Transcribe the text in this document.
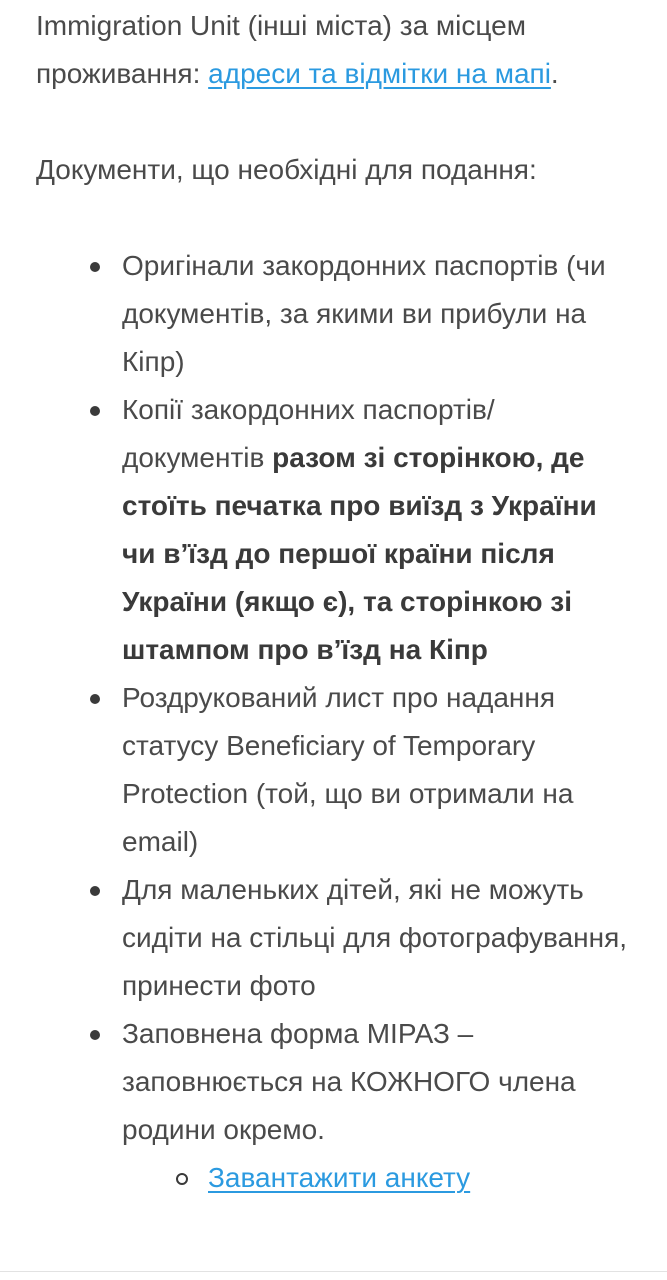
Immigration Unit (інші міста) за місцем проживання: адреси та відмітки на мапі.

Документи, що необхідні для подання:

Оригінали закордонних паспортів (чи документів, за якими ви прибули на Кіпр)
Копії закордонних паспортів/документів разом зі сторінкою, де стоїть печатка про виїзд з України чи в’їзд до першої країни після України (якщо є), та сторінкою зі штампом про в’їзд на Кіпр
Роздрукований лист про надання статусу Beneficiary of Temporary Protection (той, що ви отримали на email)
Для маленьких дітей, які не можуть сидіти на стільці для фотографування, принести фото
Заповнена форма МІРАЗ – заповнюється на КОЖНОГО члена родини окремо.
Завантажити анкету
